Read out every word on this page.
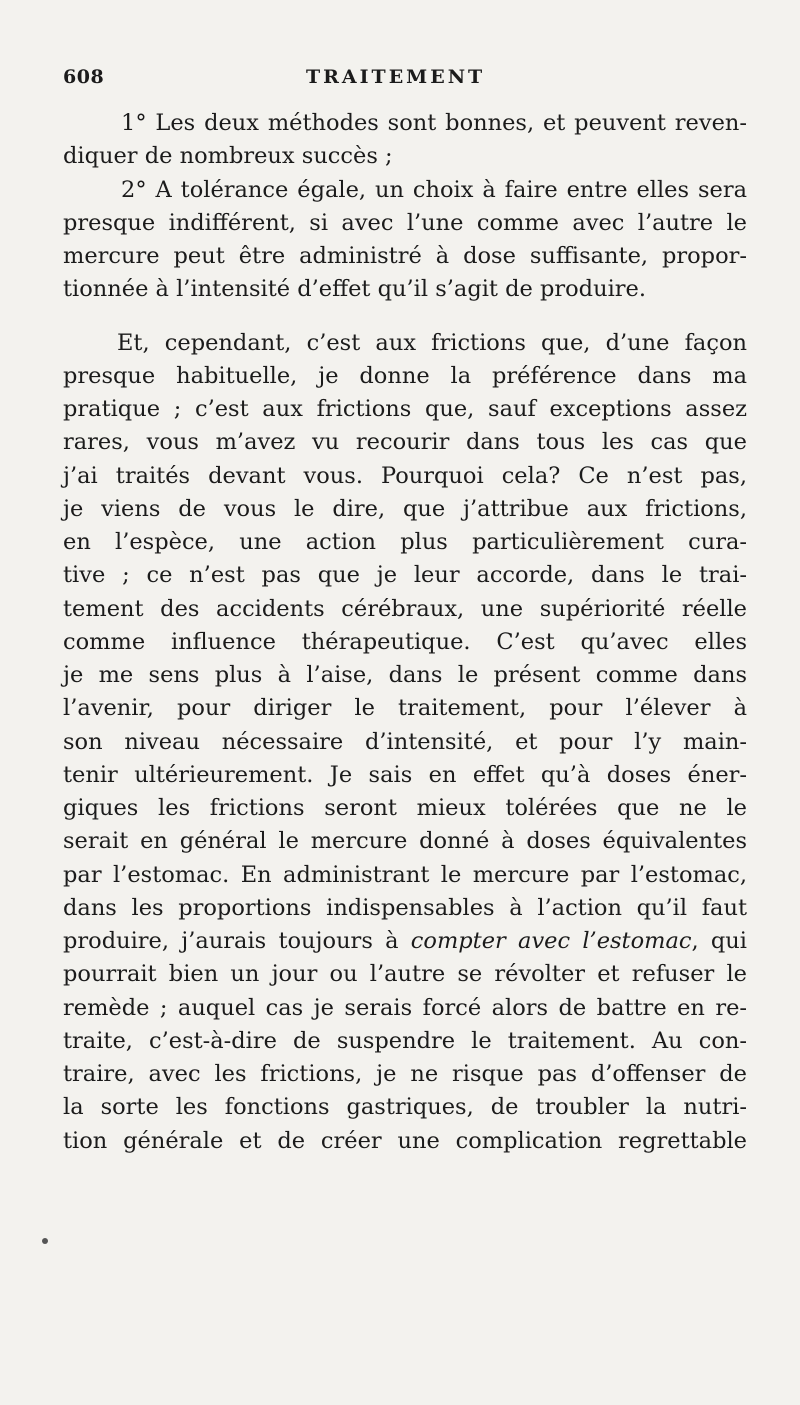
608	TRAITEMENT
1° Les deux méthodes sont bonnes, et peuvent reven-
diquer de nombreux succès ;
2° A tolérance égale, un choix à faire entre elles sera
presque indifférent, si avec l’une comme avec l’autre le
mercure peut être administré à dose suffisante, propor-
tionnée à l’intensité d’effet qu’il s’agit de produire.
Et, cependant, c’est aux frictions que, d’une façon
presque habituelle, je donne la préférence dans ma
pratique ; c’est aux frictions que, sauf exceptions assez
rares, vous m’avez vu recourir dans tous les cas que
j’ai traités devant vous. Pourquoi cela? Ce n’est pas,
je viens de vous le dire, que j’attribue aux frictions,
en l’espèce, une action plus particulièrement cura-
tive ; ce n’est pas que je leur accorde, dans le trai-
tement des accidents cérébraux, une supériorité réelle
comme influence thérapeutique. C’est qu’avec elles
je me sens plus à l’aise, dans le présent comme dans
l’avenir, pour diriger le traitement, pour l’élever à
son niveau nécessaire d’intensité, et pour l’y main-
tenir ultérieurement. Je sais en effet qu’à doses éner-
giques les frictions seront mieux tolérées que ne le
serait en général le mercure donné à doses équivalentes
par l’estomac. En administrant le mercure par l’estomac,
dans les proportions indispensables à l’action qu’il faut
produire, j’aurais toujours à compter avec l’estomac, qui
pourrait bien un jour ou l’autre se révolter et refuser le
remède ; auquel cas je serais forcé alors de battre en re-
traite, c’est-à-dire de suspendre le traitement. Au con-
traire, avec les frictions, je ne risque pas d’offenser de
la sorte les fonctions gastriques, de troubler la nutri-
tion générale et de créer une complication regrettable
